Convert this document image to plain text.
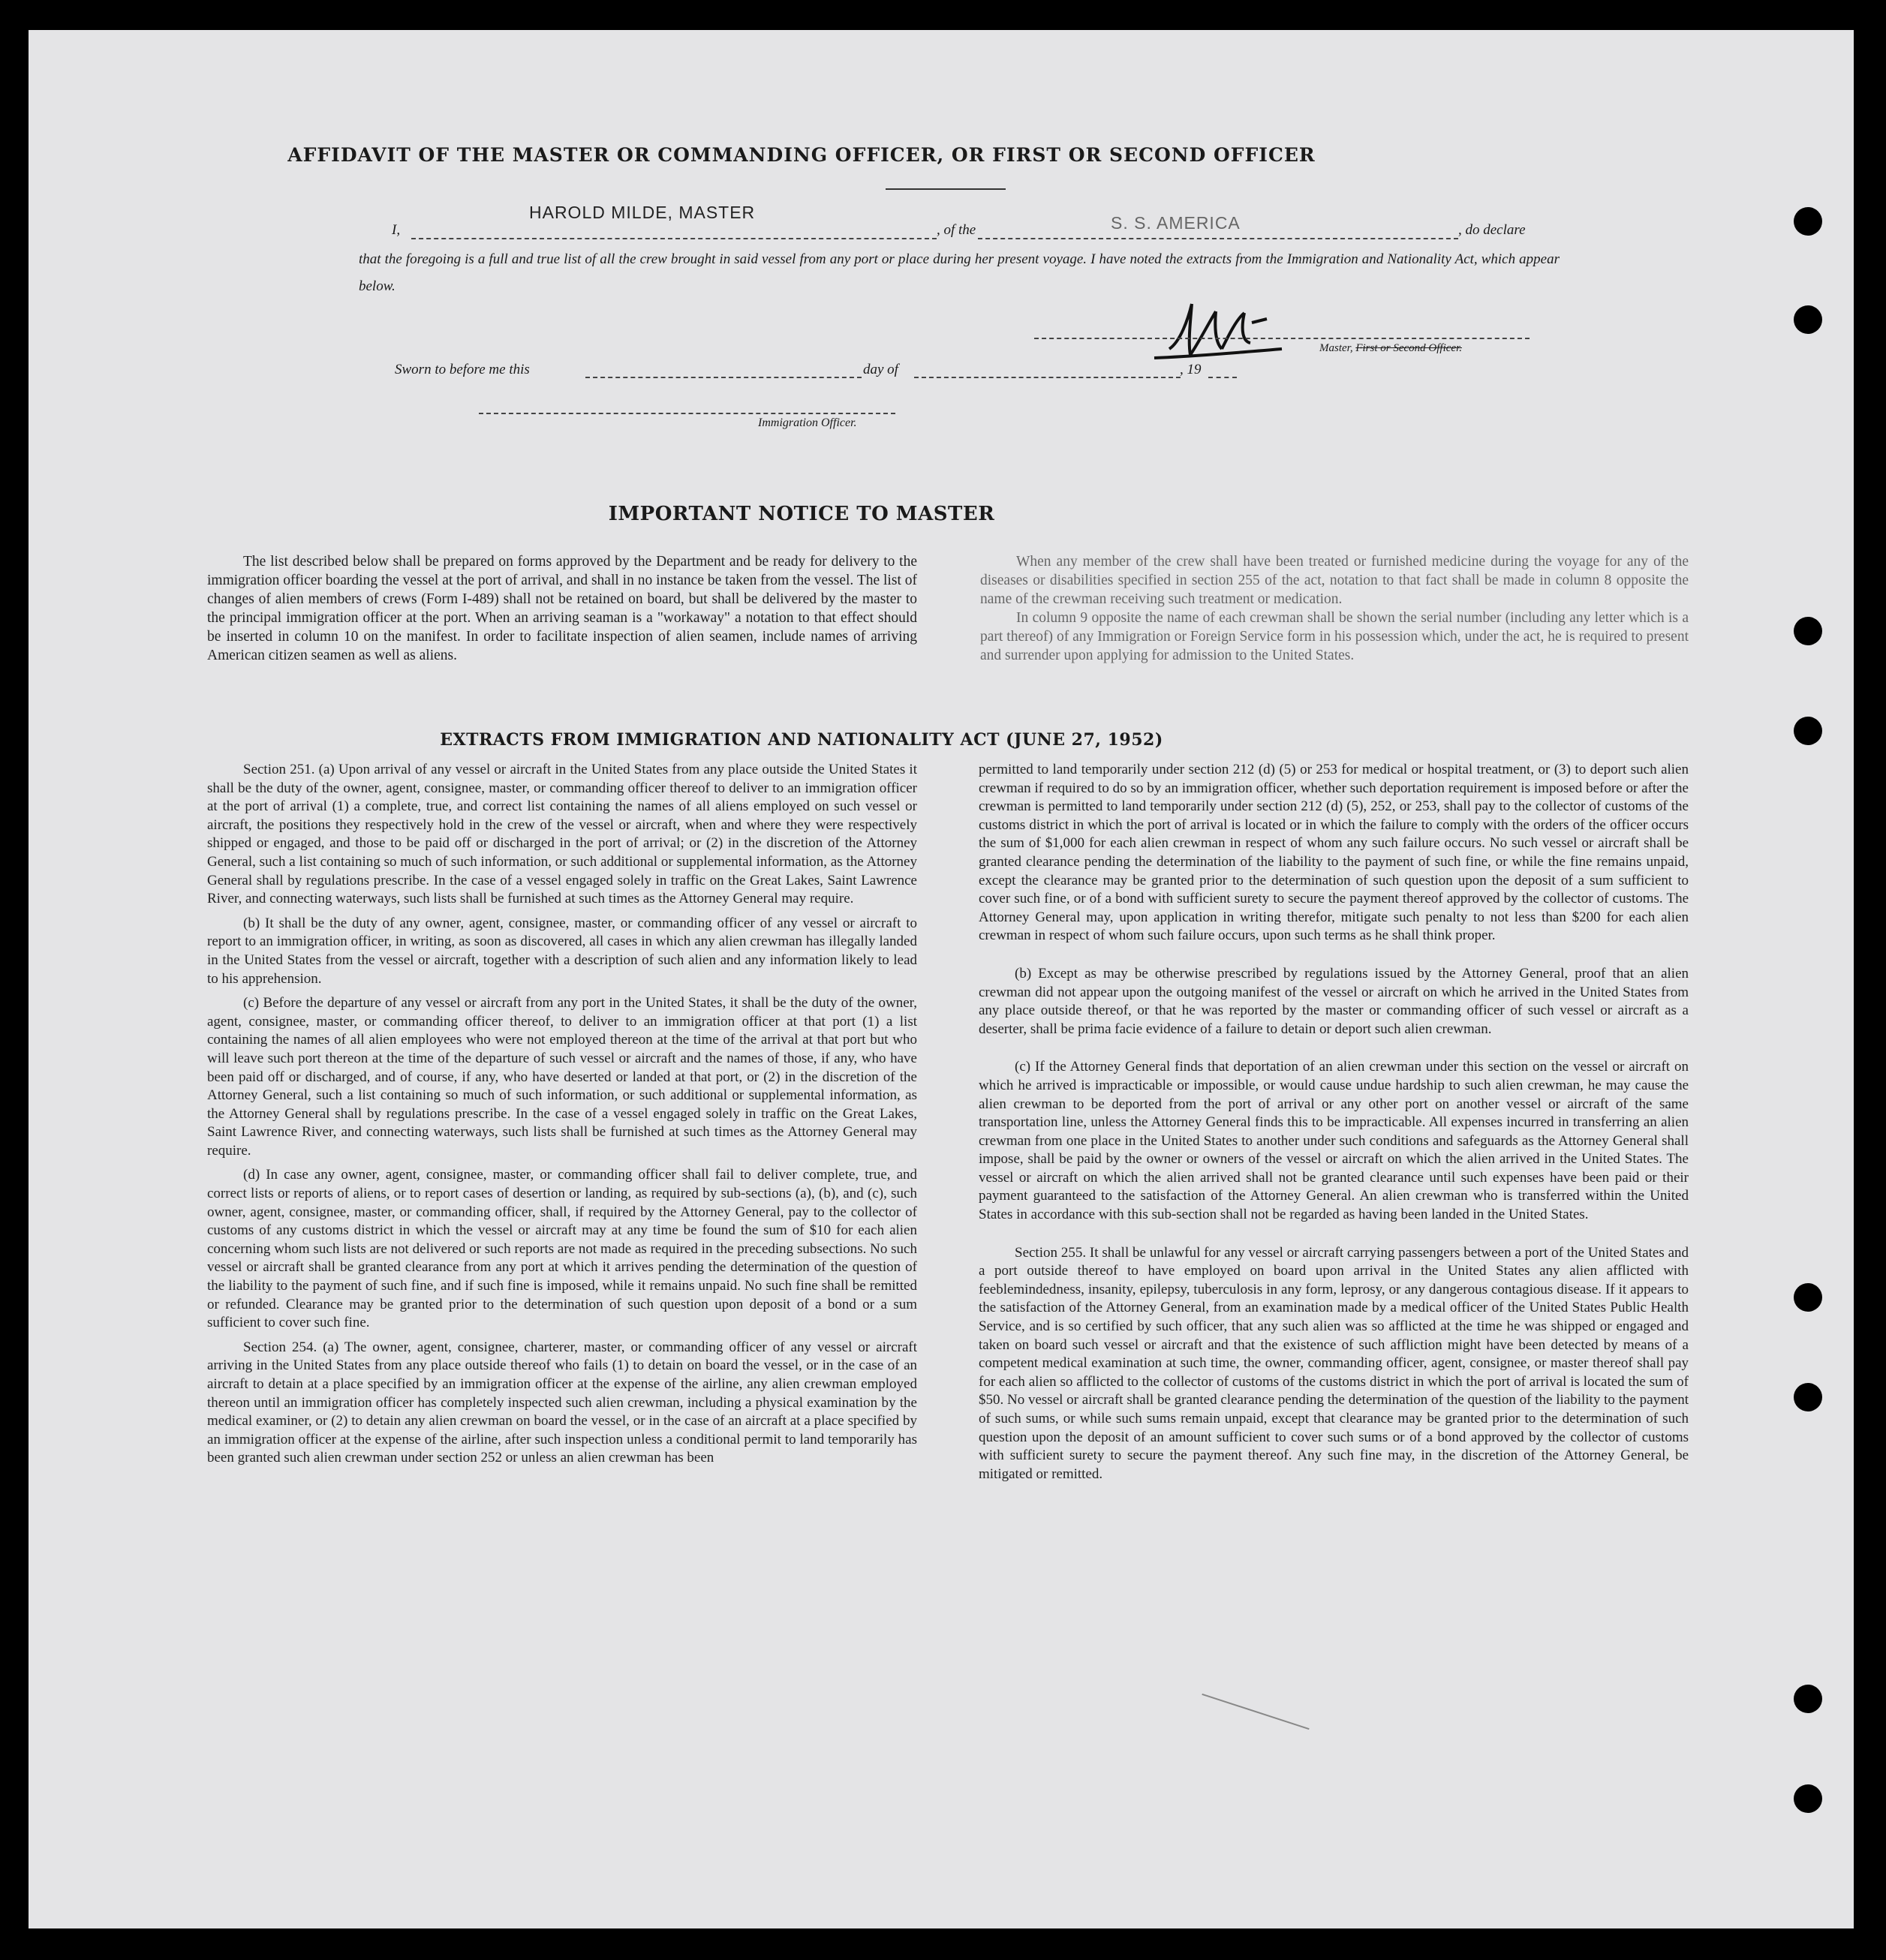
AFFIDAVIT OF THE MASTER OR COMMANDING OFFICER, OR FIRST OR SECOND OFFICER
I,
HAROLD MILDE, MASTER
, of the	S. S. AMERICA	, do declare
that the foregoing is a full and true list of all the crew brought in said vessel from any port or place during her present voyage. I have noted the extracts from the Immigration and Nationality Act, which appear below.
Master, First or Second Officer.
Sworn to before me this	day of	, 19
Immigration Officer.
IMPORTANT NOTICE TO MASTER

The list described below shall be prepared on forms approved by the Department and be ready for delivery to the immigration officer boarding the vessel at the port of arrival, and shall in no instance be taken from the vessel. The list of changes of alien members of crews (Form I-489) shall not be retained on board, but shall be delivered by the master to the principal immigration officer at the port. When an arriving seaman is a "workaway" a notation to that effect should be inserted in column 10 on the manifest. In order to facilitate inspection of alien seamen, include names of arriving American citizen seamen as well as aliens.

When any member of the crew shall have been treated or furnished medicine during the voyage for any of the diseases or disabilities specified in section 255 of the act, notation to that fact shall be made in column 8 opposite the name of the crewman receiving such treatment or medication.

In column 9 opposite the name of each crewman shall be shown the serial number (including any letter which is a part thereof) of any Immigration or Foreign Service form in his possession which, under the act, he is required to present and surrender upon applying for admission to the United States.

EXTRACTS FROM IMMIGRATION AND NATIONALITY ACT (JUNE 27, 1952)

Section 251. (a) Upon arrival of any vessel or aircraft in the United States from any place outside the United States it shall be the duty of the owner, agent, consignee, master, or commanding officer thereof to deliver to an immigration officer at the port of arrival (1) a complete, true, and correct list containing the names of all aliens employed on such vessel or aircraft, the positions they respectively hold in the crew of the vessel or aircraft, when and where they were respectively shipped or engaged, and those to be paid off or discharged in the port of arrival; or (2) in the discretion of the Attorney General, such a list containing so much of such information, or such additional or supplemental information, as the Attorney General shall by regulations prescribe. In the case of a vessel engaged solely in traffic on the Great Lakes, Saint Lawrence River, and connecting waterways, such lists shall be furnished at such times as the Attorney General may require.

(b) It shall be the duty of any owner, agent, consignee, master, or commanding officer of any vessel or aircraft to report to an immigration officer, in writing, as soon as discovered, all cases in which any alien crewman has illegally landed in the United States from the vessel or aircraft, together with a description of such alien and any information likely to lead to his apprehension.

(c) Before the departure of any vessel or aircraft from any port in the United States, it shall be the duty of the owner, agent, consignee, master, or commanding officer thereof, to deliver to an immigration officer at that port (1) a list containing the names of all alien employees who were not employed thereon at the time of the arrival at that port but who will leave such port thereon at the time of the departure of such vessel or aircraft and the names of those, if any, who have been paid off or discharged, and of course, if any, who have deserted or landed at that port, or (2) in the discretion of the Attorney General, such a list containing so much of such information, or such additional or supplemental information, as the Attorney General shall by regulations prescribe. In the case of a vessel engaged solely in traffic on the Great Lakes, Saint Lawrence River, and connecting waterways, such lists shall be furnished at such times as the Attorney General may require.

(d) In case any owner, agent, consignee, master, or commanding officer shall fail to deliver complete, true, and correct lists or reports of aliens, or to report cases of desertion or landing, as required by sub-sections (a), (b), and (c), such owner, agent, consignee, master, or commanding officer, shall, if required by the Attorney General, pay to the collector of customs of any customs district in which the vessel or aircraft may at any time be found the sum of $10 for each alien concerning whom such lists are not delivered or such reports are not made as required in the preceding subsections. No such vessel or aircraft shall be granted clearance from any port at which it arrives pending the determination of the question of the liability to the payment of such fine, and if such fine is imposed, while it remains unpaid. No such fine shall be remitted or refunded. Clearance may be granted prior to the determination of such question upon deposit of a bond or a sum sufficient to cover such fine.

Section 254. (a) The owner, agent, consignee, charterer, master, or commanding officer of any vessel or aircraft arriving in the United States from any place outside thereof who fails (1) to detain on board the vessel, or in the case of an aircraft to detain at a place specified by an immigration officer at the expense of the airline, any alien crewman employed thereon until an immigration officer has completely inspected such alien crewman, including a physical examination by the medical examiner, or (2) to detain any alien crewman on board the vessel, or in the case of an aircraft at a place specified by an immigration officer at the expense of the airline, after such inspection unless a conditional permit to land temporarily has been granted such alien crewman under section 252 or unless an alien crewman has been

permitted to land temporarily under section 212 (d) (5) or 253 for medical or hospital treatment, or (3) to deport such alien crewman if required to do so by an immigration officer, whether such deportation requirement is imposed before or after the crewman is permitted to land temporarily under section 212 (d) (5), 252, or 253, shall pay to the collector of customs of the customs district in which the port of arrival is located or in which the failure to comply with the orders of the officer occurs the sum of $1,000 for each alien crewman in respect of whom any such failure occurs. No such vessel or aircraft shall be granted clearance pending the determination of the liability to the payment of such fine, or while the fine remains unpaid, except the clearance may be granted prior to the determination of such question upon the deposit of a sum sufficient to cover such fine, or of a bond with sufficient surety to secure the payment thereof approved by the collector of customs. The Attorney General may, upon application in writing therefor, mitigate such penalty to not less than $200 for each alien crewman in respect of whom such failure occurs, upon such terms as he shall think proper.

(b) Except as may be otherwise prescribed by regulations issued by the Attorney General, proof that an alien crewman did not appear upon the outgoing manifest of the vessel or aircraft on which he arrived in the United States from any place outside thereof, or that he was reported by the master or commanding officer of such vessel or aircraft as a deserter, shall be prima facie evidence of a failure to detain or deport such alien crewman.

(c) If the Attorney General finds that deportation of an alien crewman under this section on the vessel or aircraft on which he arrived is impracticable or impossible, or would cause undue hardship to such alien crewman, he may cause the alien crewman to be deported from the port of arrival or any other port on another vessel or aircraft of the same transportation line, unless the Attorney General finds this to be impracticable. All expenses incurred in transferring an alien crewman from one place in the United States to another under such conditions and safeguards as the Attorney General shall impose, shall be paid by the owner or owners of the vessel or aircraft on which the alien arrived in the United States. The vessel or aircraft on which the alien arrived shall not be granted clearance until such expenses have been paid or their payment guaranteed to the satisfaction of the Attorney General. An alien crewman who is transferred within the United States in accordance with this sub-section shall not be regarded as having been landed in the United States.

Section 255. It shall be unlawful for any vessel or aircraft carrying passengers between a port of the United States and a port outside thereof to have employed on board upon arrival in the United States any alien afflicted with feeblemindedness, insanity, epilepsy, tuberculosis in any form, leprosy, or any dangerous contagious disease. If it appears to the satisfaction of the Attorney General, from an examination made by a medical officer of the United States Public Health Service, and is so certified by such officer, that any such alien was so afflicted at the time he was shipped or engaged and taken on board such vessel or aircraft and that the existence of such affliction might have been detected by means of a competent medical examination at such time, the owner, commanding officer, agent, consignee, or master thereof shall pay for each alien so afflicted to the collector of customs of the customs district in which the port of arrival is located the sum of $50. No vessel or aircraft shall be granted clearance pending the determination of the question of the liability to the payment of such sums, or while such sums remain unpaid, except that clearance may be granted prior to the determination of such question upon the deposit of an amount sufficient to cover such sums or of a bond approved by the collector of customs with sufficient surety to secure the payment thereof. Any such fine may, in the discretion of the Attorney General, be mitigated or remitted.
